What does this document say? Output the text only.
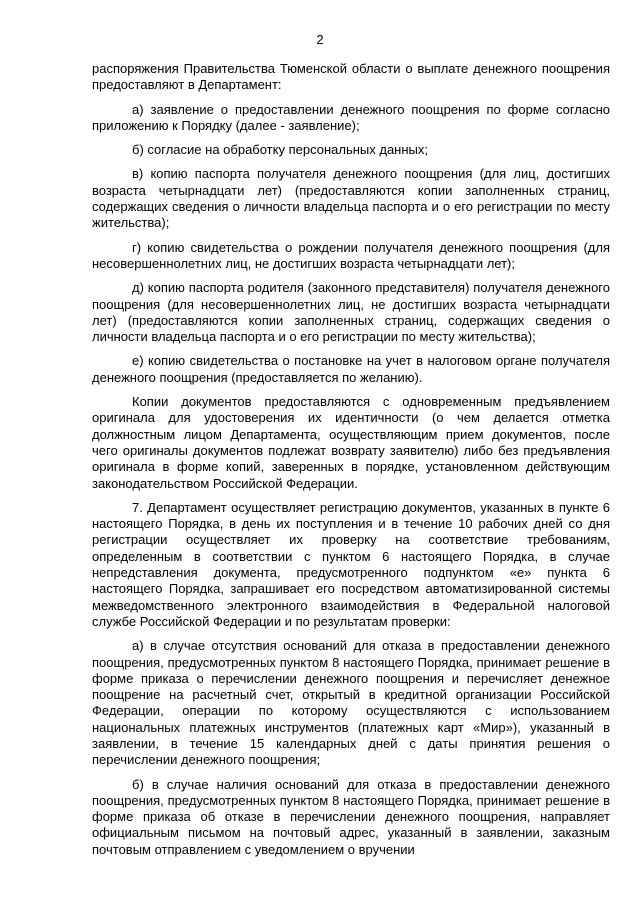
2

распоряжения Правительства Тюменской области о выплате денежного поощрения предоставляют в Департамент:

а) заявление о предоставлении денежного поощрения по форме согласно приложению к Порядку (далее - заявление);

б) согласие на обработку персональных данных;

в) копию паспорта получателя денежного поощрения (для лиц, достигших возраста четырнадцати лет) (предоставляются копии заполненных страниц, содержащих сведения о личности владельца паспорта и о его регистрации по месту жительства);

г) копию свидетельства о рождении получателя денежного поощрения (для несовершеннолетних лиц, не достигших возраста четырнадцати лет);

д) копию паспорта родителя (законного представителя) получателя денежного поощрения (для несовершеннолетних лиц, не достигших возраста четырнадцати лет) (предоставляются копии заполненных страниц, содержащих сведения о личности владельца паспорта и о его регистрации по месту жительства);

е) копию свидетельства о постановке на учет в налоговом органе получателя денежного поощрения (предоставляется по желанию).

Копии документов предоставляются с одновременным предъявлением оригинала для удостоверения их идентичности (о чем делается отметка должностным лицом Департамента, осуществляющим прием документов, после чего оригиналы документов подлежат возврату заявителю) либо без предъявления оригинала в форме копий, заверенных в порядке, установленном действующим законодательством Российской Федерации.

7. Департамент осуществляет регистрацию документов, указанных в пункте 6 настоящего Порядка, в день их поступления и в течение 10 рабочих дней со дня регистрации осуществляет их проверку на соответствие требованиям, определенным в соответствии с пунктом 6 настоящего Порядка, в случае непредставления документа, предусмотренного подпунктом «е» пункта 6 настоящего Порядка, запрашивает его посредством автоматизированной системы межведомственного электронного взаимодействия в Федеральной налоговой службе Российской Федерации и по результатам проверки:

а) в случае отсутствия оснований для отказа в предоставлении денежного поощрения, предусмотренных пунктом 8 настоящего Порядка, принимает решение в форме приказа о перечислении денежного поощрения и перечисляет денежное поощрение на расчетный счет, открытый в кредитной организации Российской Федерации, операции по которому осуществляются с использованием национальных платежных инструментов (платежных карт «Мир»), указанный в заявлении, в течение 15 календарных дней с даты принятия решения о перечислении денежного поощрения;

б) в случае наличия оснований для отказа в предоставлении денежного поощрения, предусмотренных пунктом 8 настоящего Порядка, принимает решение в форме приказа об отказе в перечислении денежного поощрения, направляет официальным письмом на почтовый адрес, указанный в заявлении, заказным почтовым отправлением с уведомлением о вручении
